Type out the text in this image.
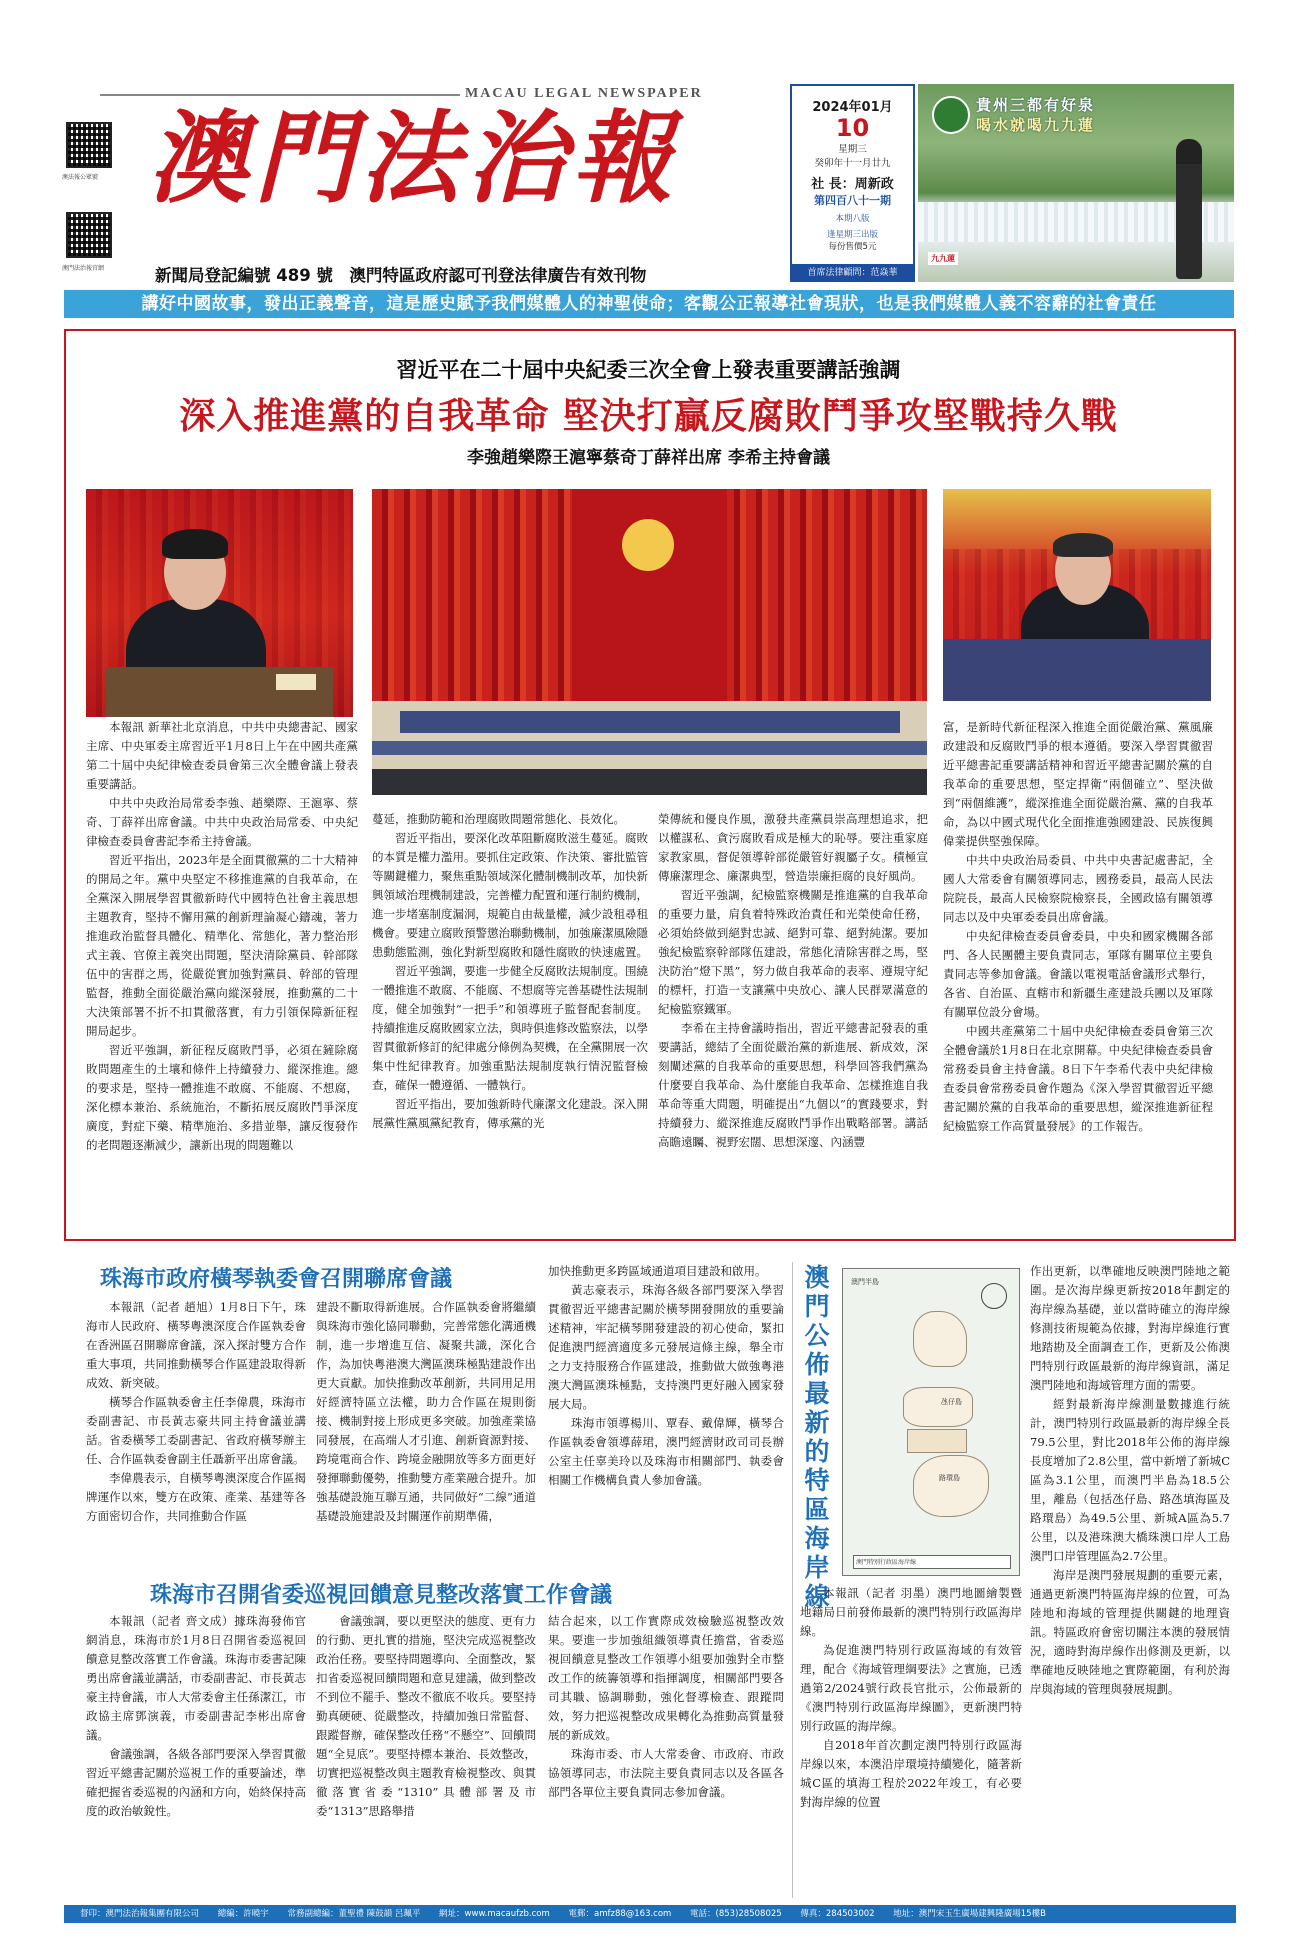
澳法報公眾號
澳門法治報官網
MACAU LEGAL NEWSPAPER
澳門法治報
新聞局登記編號 489 號　澳門特區政府認可刊登法律廣告有效刊物
2024年01月
10
星期三
癸卯年十一月廿九
社 長：周新政
第四百八十一期
本期八版
逢星期三出版
每份售價5元
首席法律顧問：范焱華
貴州三都有好泉
喝水就喝九九蓮
九九蓮
講好中國故事，發出正義聲音，這是歷史賦予我們媒體人的神聖使命；客觀公正報導社會現狀，也是我們媒體人義不容辭的社會責任
習近平在二十屆中央紀委三次全會上發表重要講話強調
深入推進黨的自我革命 堅決打贏反腐敗鬥爭攻堅戰持久戰
李強趙樂際王滬寧蔡奇丁薛祥出席 李希主持會議

本報訊 新華社北京消息，中共中央總書記、國家主席、中央軍委主席習近平1月8日上午在中國共產黨第二十屆中央紀律檢查委員會第三次全體會議上發表重要講話。

中共中央政治局常委李強、趙樂際、王滬寧、蔡奇、丁薛祥出席會議。中共中央政治局常委、中央紀律檢查委員會書記李希主持會議。

習近平指出，2023年是全面貫徹黨的二十大精神的開局之年。黨中央堅定不移推進黨的自我革命，在全黨深入開展學習貫徹新時代中國特色社會主義思想主題教育，堅持不懈用黨的創新理論凝心鑄魂，著力推進政治監督具體化、精準化、常態化，著力整治形式主義、官僚主義突出問題，堅決清除黨員、幹部隊伍中的害群之馬，從嚴從實加強對黨員、幹部的管理監督，推動全面從嚴治黨向縱深發展，推動黨的二十大決策部署不折不扣貫徹落實，有力引領保障新征程開局起步。

習近平強調，新征程反腐敗鬥爭，必須在鏟除腐敗問題產生的土壤和條件上持續發力、縱深推進。總的要求是，堅持一體推進不敢腐、不能腐、不想腐，深化標本兼治、系統施治，不斷拓展反腐敗鬥爭深度廣度，對症下藥、精準施治、多措並舉，讓反復發作的老問題逐漸減少，讓新出現的問題難以

蔓延，推動防範和治理腐敗問題常態化、長效化。

習近平指出，要深化改革阻斷腐敗滋生蔓延。腐敗的本質是權力濫用。要抓住定政策、作決策、審批監管等關鍵權力，聚焦重點領域深化體制機制改革，加快新興領域治理機制建設，完善權力配置和運行制約機制，進一步堵塞制度漏洞，規範自由裁量權，減少設租尋租機會。要建立腐敗預警懲治聯動機制，加強廉潔風險隱患動態監測，強化對新型腐敗和隱性腐敗的快速處置。

習近平強調，要進一步健全反腐敗法規制度。围繞一體推進不敢腐、不能腐、不想腐等完善基礎性法規制度，健全加強對“一把手”和領導班子監督配套制度。持續推進反腐敗國家立法，與時俱進修改監察法，以學習貫徹新修訂的紀律處分條例為契機，在全黨開展一次集中性紀律教育。加強重點法規制度執行情況監督檢查，確保一體遵循、一體執行。

習近平指出，要加強新時代廉潔文化建設。深入開展黨性黨風黨紀教育，傳承黨的光

榮傳統和優良作風，激發共產黨員崇高理想追求，把以權謀私、貪污腐敗看成是極大的恥辱。要注重家庭家教家風，督促領導幹部從嚴管好親屬子女。積極宣傳廉潔理念、廉潔典型，營造崇廉拒腐的良好風尚。

習近平強調，紀檢監察機關是推進黨的自我革命的重要力量，肩負着特殊政治責任和光榮使命任務，必須始終做到絕對忠誠、絕對可靠、絕對純潔。要加強紀檢監察幹部隊伍建設，常態化清除害群之馬，堅決防治“燈下黑”，努力做自我革命的表率、遵規守紀的標杆，打造一支讓黨中央放心、讓人民群眾滿意的紀檢監察鐵軍。

李希在主持會議時指出，習近平總書記發表的重要講話，總結了全面從嚴治黨的新進展、新成效，深刻闡述黨的自我革命的重要思想，科學回答我們黨為什麼要自我革命、為什麼能自我革命、怎樣推進自我革命等重大問題，明確提出“九個以”的實踐要求，對持續發力、縱深推進反腐敗鬥爭作出戰略部署。講話高瞻遠矚、視野宏闊、思想深邃、內涵豐

富，是新時代新征程深入推進全面從嚴治黨、黨風廉政建設和反腐敗鬥爭的根本遵循。要深入學習貫徹習近平總書記重要講話精神和習近平總書記關於黨的自我革命的重要思想，堅定捍衛“兩個確立”、堅決做到“兩個維護”，縱深推進全面從嚴治黨、黨的自我革命，為以中國式現代化全面推進強國建設、民族復興偉業提供堅強保障。

中共中央政治局委員、中共中央書記處書記，全國人大常委會有關領導同志，國務委員，最高人民法院院長，最高人民檢察院檢察長，全國政協有關領導同志以及中央軍委委員出席會議。

中央紀律檢查委員會委員，中央和國家機關各部門、各人民團體主要負責同志，軍隊有關單位主要負責同志等參加會議。會議以電視電話會議形式舉行，各省、自治區、直轄市和新疆生產建設兵團以及軍隊有關單位設分會場。

中國共產黨第二十屆中央紀律檢查委員會第三次全體會議於1月8日在北京開幕。中央紀律檢查委員會常務委員會主持會議。8日下午李希代表中央紀律檢查委員會常務委員會作題為《深入學習貫徹習近平總書記關於黨的自我革命的重要思想，縱深推進新征程紀檢監察工作高質量發展》的工作報告。

珠海市政府橫琴執委會召開聯席會議

本報訊（記者 趙旭）1月8日下午，珠海市人民政府、橫琴粵澳深度合作區執委會在香洲區召開聯席會議，深入探討雙方合作重大事項，共同推動橫琴合作區建設取得新成效、新突破。

橫琴合作區執委會主任李偉農，珠海市委副書記、市長黃志豪共同主持會議並講話。省委橫琴工委副書記、省政府橫琴辦主任、合作區執委會副主任聶新平出席會議。

李偉農表示，自橫琴粵澳深度合作區揭牌運作以來，雙方在政策、產業、基建等各方面密切合作，共同推動合作區

建設不斷取得新進展。合作區執委會將繼續與珠海市強化協同聯動，完善常態化溝通機制，進一步增進互信、凝聚共識，深化合作，為加快粵港澳大灣區澳珠極點建設作出更大貢獻。加快推動改革創新，共同用足用好經濟特區立法權，助力合作區在規則銜接、機制對接上形成更多突破。加強產業協同發展，在高端人才引進、創新資源對接、跨境電商合作、跨境金融開放等多方面更好發揮聯動優勢，推動雙方產業融合提升。加強基礎設施互聯互通，共同做好“二線”通道基礎設施建設及封關運作前期準備，

加快推動更多跨區域通道項目建設和啟用。

黃志豪表示，珠海各級各部門要深入學習貫徹習近平總書記關於橫琴開發開放的重要論述精神，牢記橫琴開發建設的初心使命，緊扣促進澳門經濟適度多元發展這條主線，舉全市之力支持服務合作區建設，推動做大做強粵港澳大灣區澳珠極點，支持澳門更好融入國家發展大局。

珠海市領導楊川、覃春、戴偉輝，橫琴合作區執委會領導薛珺，澳門經濟財政司司長辦公室主任辜美玲以及珠海市相關部門、執委會相關工作機構負責人參加會議。

珠海市召開省委巡視回饋意見整改落實工作會議

本報訊（記者 齊文成）據珠海發佈官網消息，珠海市於1月8日召開省委巡視回饋意見整改落實工作會議。珠海市委書記陳勇出席會議並講話，市委副書記、市長黃志豪主持會議，市人大常委會主任孫潔江，市政協主席鄧演義，市委副書記李彬出席會議。

會議強調，各級各部門要深入學習貫徹習近平總書記關於巡視工作的重要論述，準確把握省委巡視的內涵和方向，始終保持高度的政治敏銳性。

會議強調，要以更堅決的態度、更有力的行動、更扎實的措施，堅決完成巡視整改政治任務。要堅持問題導向、全面整改，緊扣省委巡視回饋問題和意見建議，做到整改不到位不罷手、整改不徹底不收兵。要堅持勤真硬硬、從嚴整改，持續加強日常監督、跟蹤督辦，確保整改任務“不懸空”、回饋問題“全見底”。要堅持標本兼治、長效整改，切實把巡視整改與主題教育檢視整改、與貫徹落實省委“1310”具體部署及市委“1313”思路舉措

結合起來，以工作實際成效檢驗巡視整改效果。要進一步加強組織領導責任擔當，省委巡視回饋意見整改工作領導小組要加強對全市整改工作的統籌領導和指揮調度，相關部門要各司其職、協調聯動，強化督導檢查、跟蹤問效，努力把巡視整改成果轉化為推動高質量發展的新成效。

珠海市委、市人大常委會、市政府、市政協領導同志，市法院主要負責同志以及各區各部門各單位主要負責同志參加會議。

澳門公佈最新的特區海岸線
澳門半島
氹仔島
路環島
澳門特別行政區海岸線

本報訊（記者 羽墨）澳門地圖繪製暨地籍局日前發佈最新的澳門特別行政區海岸線。

為促進澳門特別行政區海域的有效管理，配合《海域管理綱要法》之實施，已透過第2/2024號行政長官批示，公佈最新的《澳門特別行政區海岸線圖》，更新澳門特別行政區的海岸線。

自2018年首次劃定澳門特別行政區海岸線以來，本澳沿岸環境持續變化，隨著新城C區的填海工程於2022年竣工，有必要對海岸線的位置

作出更新，以準確地反映澳門陸地之範圍。是次海岸線更新按2018年劃定的海岸線為基礎，並以當時確立的海岸線修測技術規範為依據，對海岸線進行實地踏勘及全面調查工作，更新及公佈澳門特別行政區最新的海岸線資訊，滿足澳門陸地和海域管理方面的需要。

經對最新海岸線測量數據進行統計，澳門特別行政區最新的海岸線全長79.5公里，對比2018年公佈的海岸線長度增加了2.8公里，當中新增了新城C區為3.1公里，而澳門半島為18.5公里，離島（包括氹仔島、路氹填海區及路環島）為49.5公里、新城A區為5.7公里，以及港珠澳大橋珠澳口岸人工島澳門口岸管理區為2.7公里。

海岸是澳門發展規劃的重要元素，通過更新澳門特區海岸線的位置，可為陸地和海域的管理提供關鍵的地理資訊。特區政府會密切關注本澳的發展情況，適時對海岸線作出修測及更新，以準確地反映陸地之實際範圍，有利於海岸與海域的管理與發展規劃。

督印：澳門法治報集團有限公司 總編：許曉宇 常務副總編：董聖禮 陳鼓韻 呂珮平 網址：www.macaufzb.com 電郵：amfz88@163.com 電話：(853)28508025 傳真：284503002 地址：澳門宋玉生廣場建興隆廣場15樓B
